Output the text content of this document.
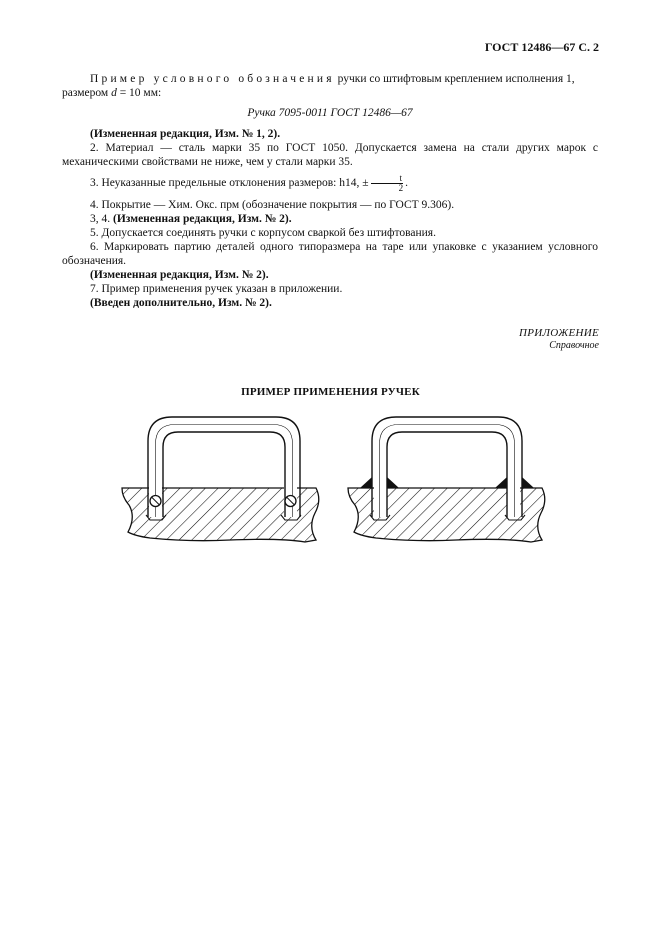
ГОСТ 12486—67 С. 2

Пример условного обозначения ручки со штифтовым креплением исполнения 1,

размером d = 10 мм:

Ручка 7095-0011 ГОСТ 12486—67

(Измененная редакция, Изм. № 1, 2).

2. Материал — сталь марки 35 по ГОСТ 1050. Допускается замена на стали других марок с механическими свойствами не ниже, чем у стали марки 35.

3. Неуказанные предельные отклонения размеров: h14, ± $\frac{t}{2}$ .

4. Покрытие — Хим. Окс. прм (обозначение покрытия — по ГОСТ 9.306).

3, 4. (Измененная редакция, Изм. № 2).

5. Допускается соединять ручки с корпусом сваркой без штифтования.

6. Маркировать партию деталей одного типоразмера на таре или упаковке с указанием условного обозначения.

(Измененная редакция, Изм. № 2).

7. Пример применения ручек указан в приложении.

(Введен дополнительно, Изм. № 2).

ПРИЛОЖЕНИЕ
Справочное
ПРИМЕР ПРИМЕНЕНИЯ РУЧЕК
